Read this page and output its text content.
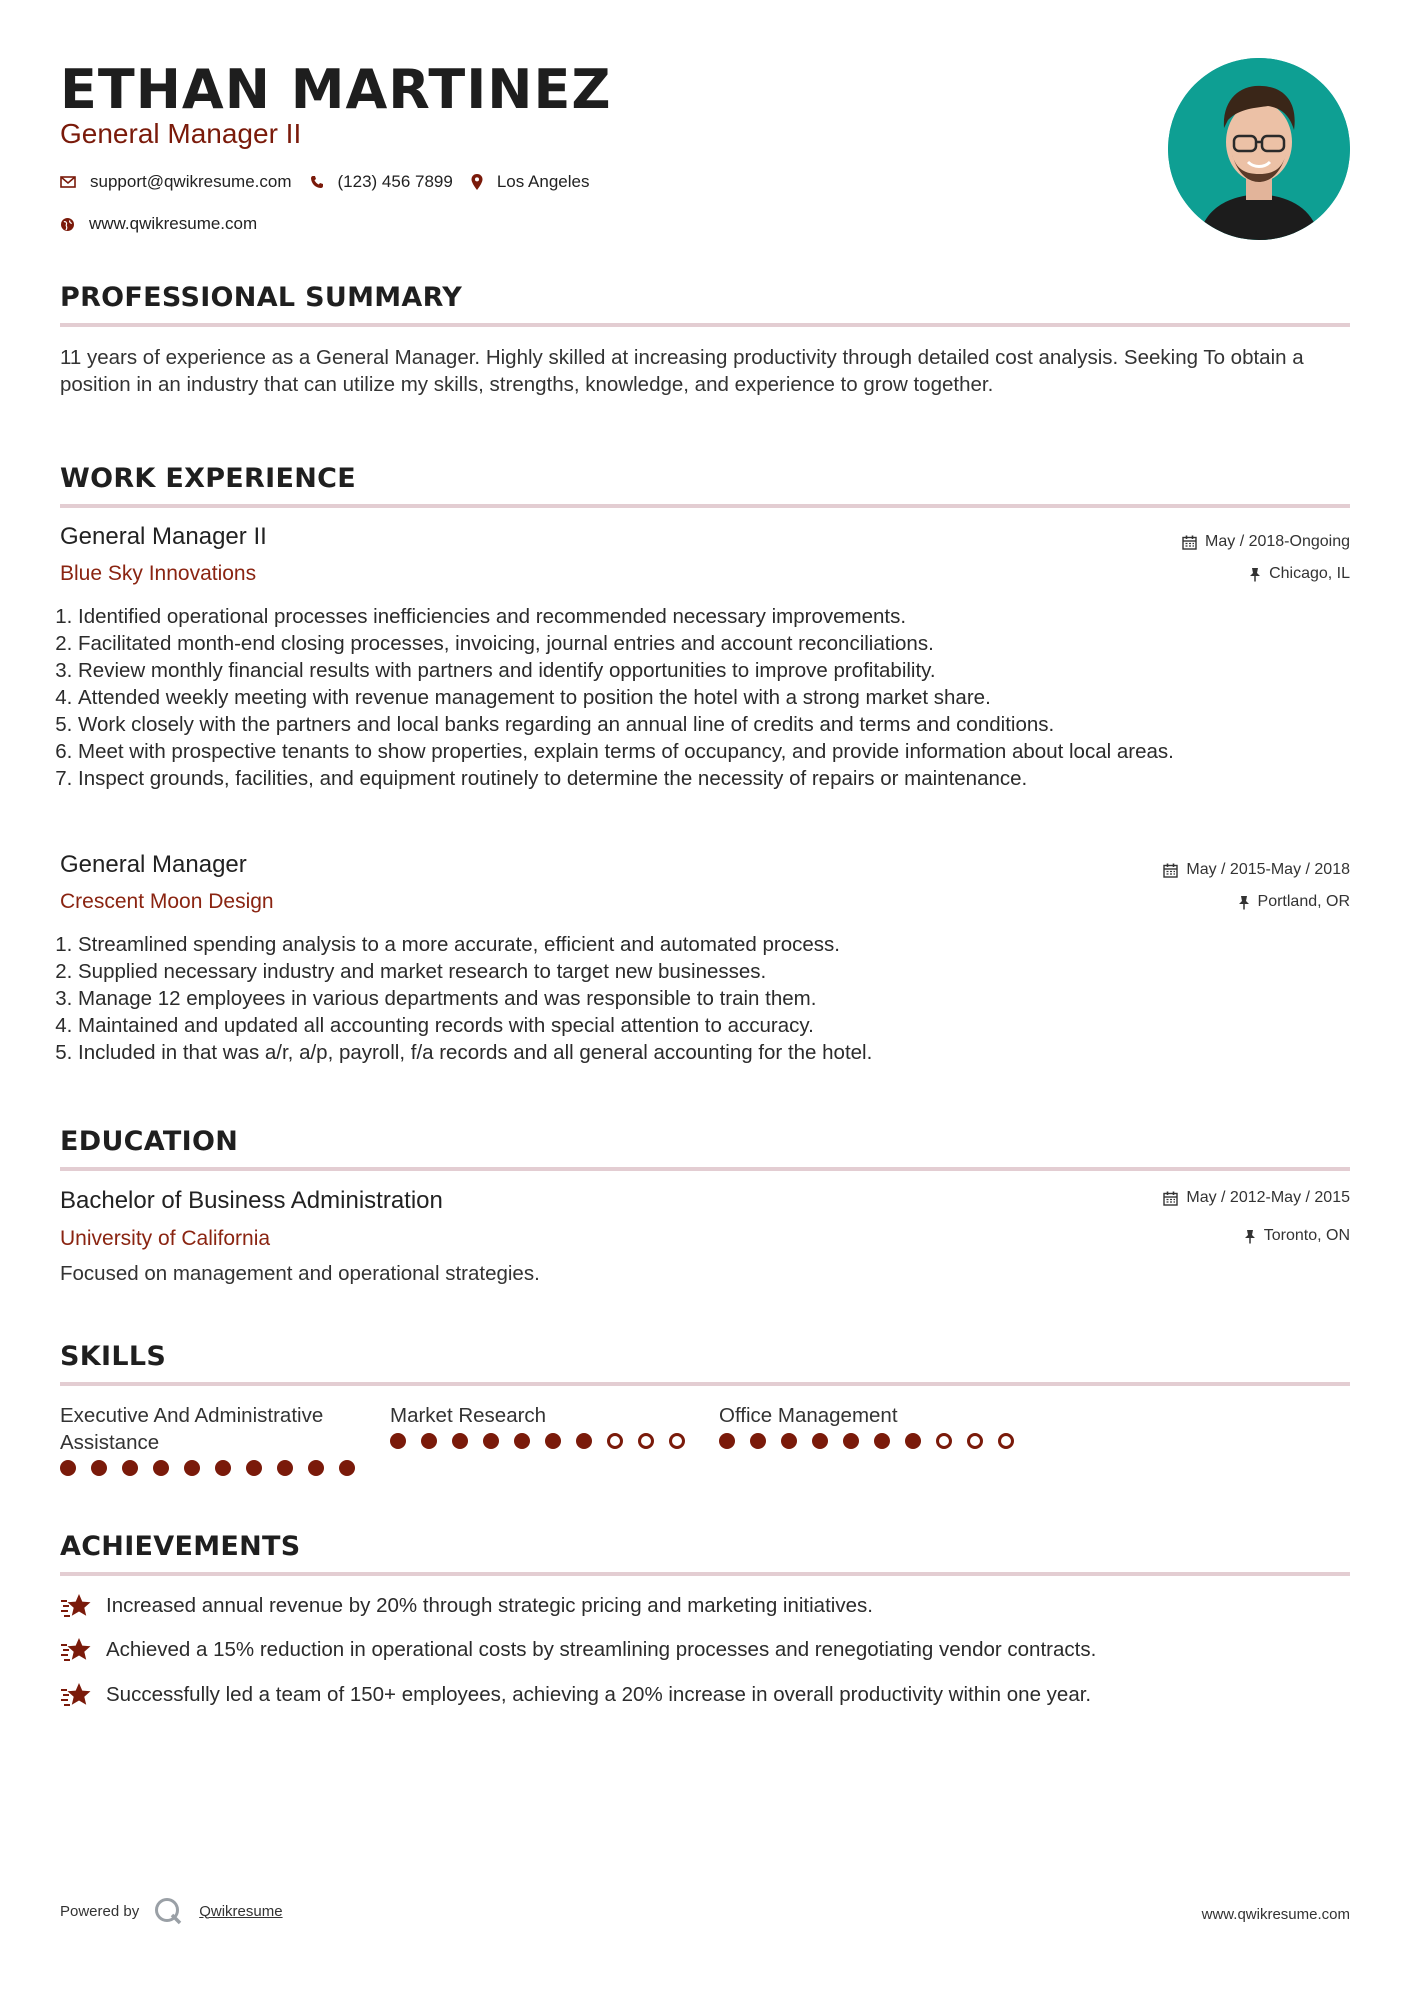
ETHAN MARTINEZ
General Manager II
support@qwikresume.com	(123) 456 7899	Los Angeles
www.qwikresume.com
PROFESSIONAL SUMMARY
11 years of experience as a General Manager. Highly skilled at increasing productivity through detailed cost analysis. Seeking To obtain a position in an industry that can utilize my skills, strengths, knowledge, and experience to grow together.
WORK EXPERIENCE
General Manager II
Blue Sky Innovations
May / 2018-Ongoing
Chicago, IL
1. Identified operational processes inefficiencies and recommended necessary improvements.
2. Facilitated month-end closing processes, invoicing, journal entries and account reconciliations.
3. Review monthly financial results with partners and identify opportunities to improve profitability.
4. Attended weekly meeting with revenue management to position the hotel with a strong market share.
5. Work closely with the partners and local banks regarding an annual line of credits and terms and conditions.
6. Meet with prospective tenants to show properties, explain terms of occupancy, and provide information about local areas.
7. Inspect grounds, facilities, and equipment routinely to determine the necessity of repairs or maintenance.
General Manager
Crescent Moon Design
May / 2015-May / 2018
Portland, OR
1. Streamlined spending analysis to a more accurate, efficient and automated process.
2. Supplied necessary industry and market research to target new businesses.
3. Manage 12 employees in various departments and was responsible to train them.
4. Maintained and updated all accounting records with special attention to accuracy.
5. Included in that was a/r, a/p, payroll, f/a records and all general accounting for the hotel.
EDUCATION
Bachelor of Business Administration
University of California
May / 2012-May / 2015
Toronto, ON
Focused on management and operational strategies.
SKILLS
Executive And Administrative Assistance
Market Research	Office Management
ACHIEVEMENTS
Increased annual revenue by 20% through strategic pricing and marketing initiatives.
Achieved a 15% reduction in operational costs by streamlining processes and renegotiating vendor contracts.
Successfully led a team of 150+ employees, achieving a 20% increase in overall productivity within one year.
Powered by	Qwikresume	www.qwikresume.com
